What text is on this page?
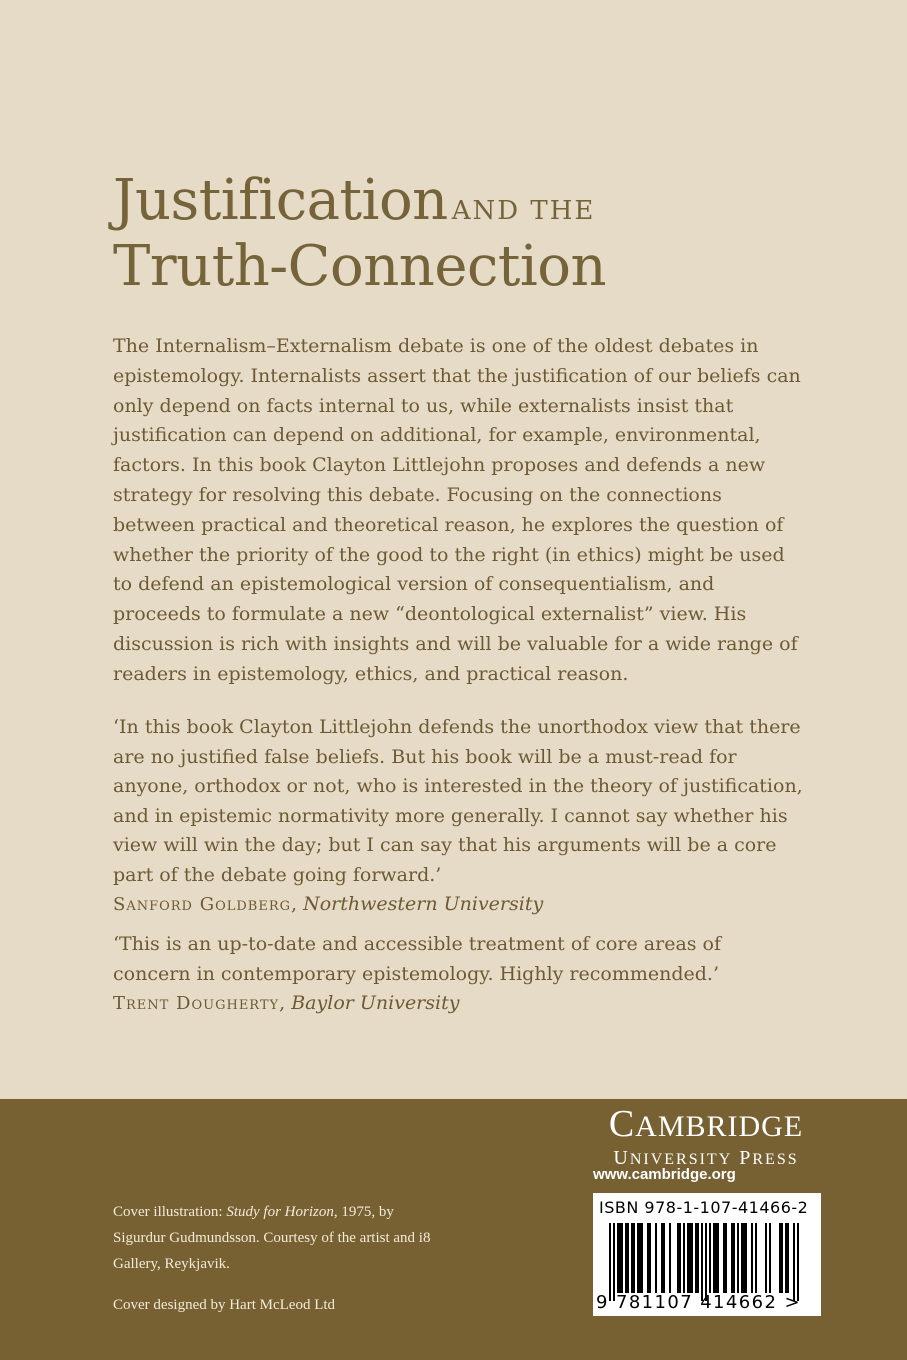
Justification AND THE
Truth-Connection

The Internalism–Externalism debate is one of the oldest debates in epistemology. Internalists assert that the justification of our beliefs can only depend on facts internal to us, while externalists insist that justification can depend on additional, for example, environmental, factors. In this book Clayton Littlejohn proposes and defends a new strategy for resolving this debate. Focusing on the connections between practical and theoretical reason, he explores the question of whether the priority of the good to the right (in ethics) might be used to defend an epistemological version of consequentialism, and proceeds to formulate a new “deontological externalist” view. His discussion is rich with insights and will be valuable for a wide range of readers in epistemology, ethics, and practical reason.

‘In this book Clayton Littlejohn defends the unorthodox view that there are no justified false beliefs. But his book will be a must-read for anyone, orthodox or not, who is interested in the theory of justification, and in epistemic normativity more generally. I cannot say whether his view will win the day; but I can say that his arguments will be a core part of the debate going forward.’
Sanford Goldberg, Northwestern University

‘This is an up-to-date and accessible treatment of core areas of concern in contemporary epistemology. Highly recommended.’
Trent Dougherty, Baylor University

Cover illustration: Study for Horizon, 1975, by Sigurdur Gudmundsson. Courtesy of the artist and i8 Gallery, Reykjavik.

Cover designed by Hart McLeod Ltd

CAMBRIDGE
UNIVERSITY PRESS
www.cambridge.org
ISBN 978-1-107-41466-2
9 781107 414662 >
